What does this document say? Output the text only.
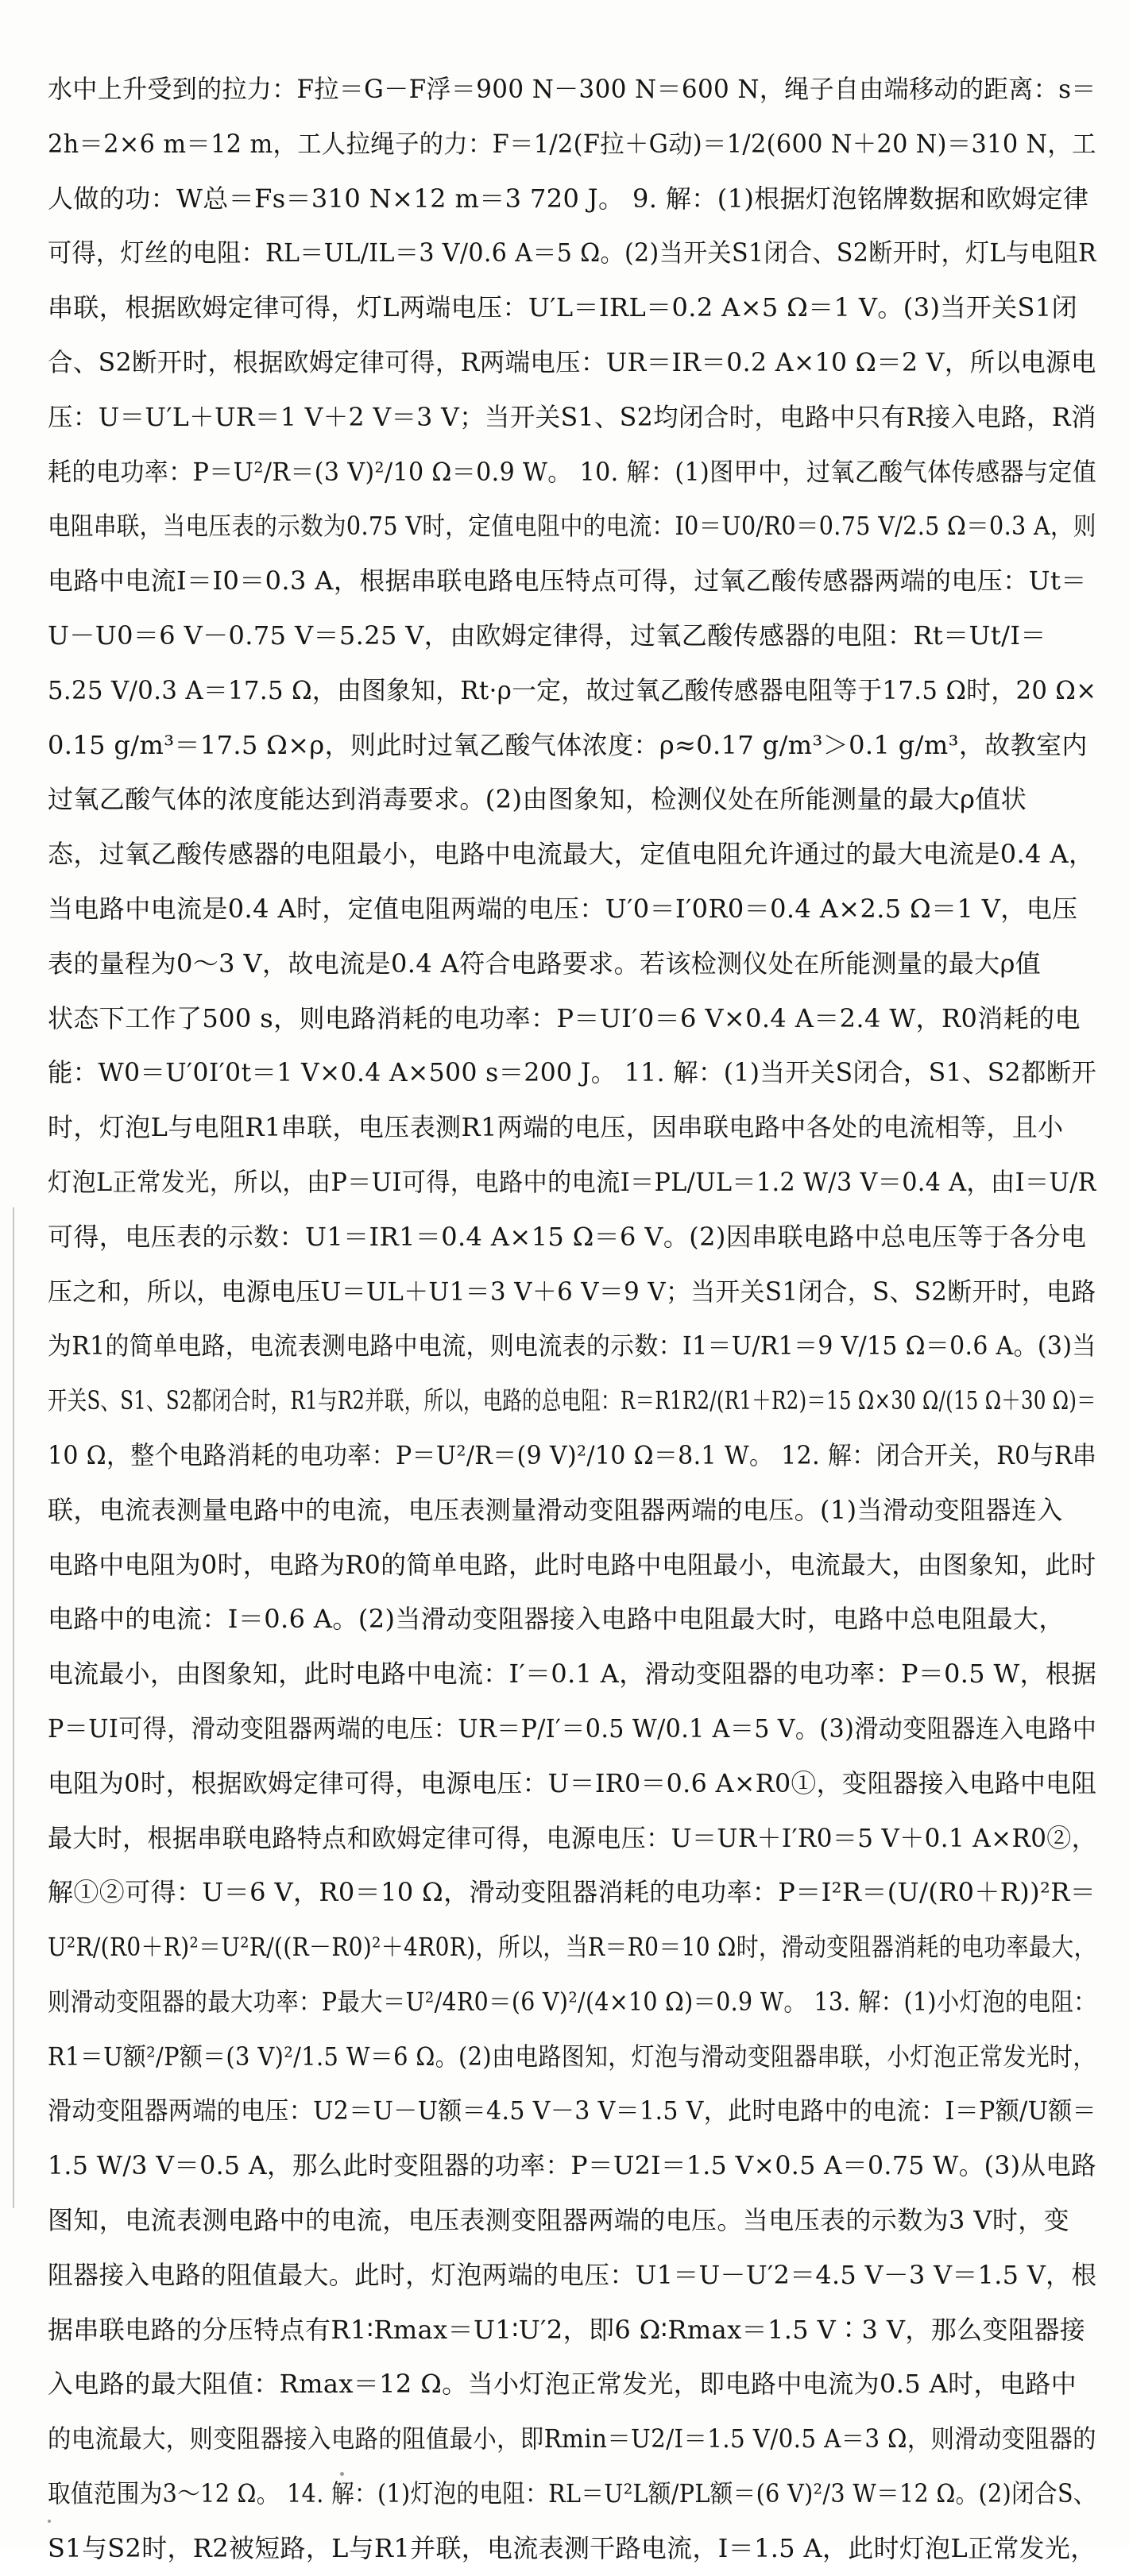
水中上升受到的拉力：F拉＝G－F浮＝900 N－300 N＝600 N，绳子自由端移动的距离：s＝
2h＝2×6 m＝12 m，工人拉绳子的力：F＝1/2(F拉＋G动)＝1/2(600 N＋20 N)＝310 N，工
人做的功：W总＝Fs＝310 N×12 m＝3 720 J。 9. 解：(1)根据灯泡铭牌数据和欧姆定律
可得，灯丝的电阻：RL＝UL/IL＝3 V/0.6 A＝5 Ω。(2)当开关S1闭合、S2断开时，灯L与电阻R
串联，根据欧姆定律可得，灯L两端电压：U′L＝IRL＝0.2 A×5 Ω＝1 V。(3)当开关S1闭
合、S2断开时，根据欧姆定律可得，R两端电压：UR＝IR＝0.2 A×10 Ω＝2 V，所以电源电
压：U＝U′L＋UR＝1 V＋2 V＝3 V；当开关S1、S2均闭合时，电路中只有R接入电路，R消
耗的电功率：P＝U²/R＝(3 V)²/10 Ω＝0.9 W。 10. 解：(1)图甲中，过氧乙酸气体传感器与定值
电阻串联，当电压表的示数为0.75 V时，定值电阻中的电流：I0＝U0/R0＝0.75 V/2.5 Ω＝0.3 A，则
电路中电流I＝I0＝0.3 A，根据串联电路电压特点可得，过氧乙酸传感器两端的电压：Ut＝
U－U0＝6 V－0.75 V＝5.25 V，由欧姆定律得，过氧乙酸传感器的电阻：Rt＝Ut/I＝
5.25 V/0.3 A＝17.5 Ω，由图象知，Rt·ρ一定，故过氧乙酸传感器电阻等于17.5 Ω时，20 Ω×
0.15 g/m³＝17.5 Ω×ρ，则此时过氧乙酸气体浓度：ρ≈0.17 g/m³＞0.1 g/m³，故教室内
过氧乙酸气体的浓度能达到消毒要求。(2)由图象知，检测仪处在所能测量的最大ρ值状
态，过氧乙酸传感器的电阻最小，电路中电流最大，定值电阻允许通过的最大电流是0.4 A，
当电路中电流是0.4 A时，定值电阻两端的电压：U′0＝I′0R0＝0.4 A×2.5 Ω＝1 V，电压
表的量程为0～3 V，故电流是0.4 A符合电路要求。若该检测仪处在所能测量的最大ρ值
状态下工作了500 s，则电路消耗的电功率：P＝UI′0＝6 V×0.4 A＝2.4 W，R0消耗的电
能：W0＝U′0I′0t＝1 V×0.4 A×500 s＝200 J。 11. 解：(1)当开关S闭合，S1、S2都断开
时，灯泡L与电阻R1串联，电压表测R1两端的电压，因串联电路中各处的电流相等，且小
灯泡L正常发光，所以，由P＝UI可得，电路中的电流I＝PL/UL＝1.2 W/3 V＝0.4 A，由I＝U/R
可得，电压表的示数：U1＝IR1＝0.4 A×15 Ω＝6 V。(2)因串联电路中总电压等于各分电
压之和，所以，电源电压U＝UL＋U1＝3 V＋6 V＝9 V；当开关S1闭合，S、S2断开时，电路
为R1的简单电路，电流表测电路中电流，则电流表的示数：I1＝U/R1＝9 V/15 Ω＝0.6 A。(3)当
开关S、S1、S2都闭合时，R1与R2并联，所以，电路的总电阻：R＝R1R2/(R1＋R2)＝15 Ω×30 Ω/(15 Ω＋30 Ω)＝
10 Ω，整个电路消耗的电功率：P＝U²/R＝(9 V)²/10 Ω＝8.1 W。 12. 解：闭合开关，R0与R串
联，电流表测量电路中的电流，电压表测量滑动变阻器两端的电压。(1)当滑动变阻器连入
电路中电阻为0时，电路为R0的简单电路，此时电路中电阻最小，电流最大，由图象知，此时
电路中的电流：I＝0.6 A。(2)当滑动变阻器接入电路中电阻最大时，电路中总电阻最大，
电流最小，由图象知，此时电路中电流：I′＝0.1 A，滑动变阻器的电功率：P＝0.5 W，根据
P＝UI可得，滑动变阻器两端的电压：UR＝P/I′＝0.5 W/0.1 A＝5 V。(3)滑动变阻器连入电路中
电阻为0时，根据欧姆定律可得，电源电压：U＝IR0＝0.6 A×R0①，变阻器接入电路中电阻
最大时，根据串联电路特点和欧姆定律可得，电源电压：U＝UR＋I′R0＝5 V＋0.1 A×R0②，
解①②可得：U＝6 V，R0＝10 Ω，滑动变阻器消耗的电功率：P＝I²R＝(U/(R0＋R))²R＝
U²R/(R0＋R)²＝U²R/((R－R0)²＋4R0R)，所以，当R＝R0＝10 Ω时，滑动变阻器消耗的电功率最大，
则滑动变阻器的最大功率：P最大＝U²/4R0＝(6 V)²/(4×10 Ω)＝0.9 W。 13. 解：(1)小灯泡的电阻：
R1＝U额²/P额＝(3 V)²/1.5 W＝6 Ω。(2)由电路图知，灯泡与滑动变阻器串联，小灯泡正常发光时，
滑动变阻器两端的电压：U2＝U－U额＝4.5 V－3 V＝1.5 V，此时电路中的电流：I＝P额/U额＝
1.5 W/3 V＝0.5 A，那么此时变阻器的功率：P＝U2I＝1.5 V×0.5 A＝0.75 W。(3)从电路
图知，电流表测电路中的电流，电压表测变阻器两端的电压。当电压表的示数为3 V时，变
阻器接入电路的阻值最大。此时，灯泡两端的电压：U1＝U－U′2＝4.5 V－3 V＝1.5 V，根
据串联电路的分压特点有R1∶Rmax＝U1∶U′2，即6 Ω∶Rmax＝1.5 V∶3 V，那么变阻器接
入电路的最大阻值：Rmax＝12 Ω。当小灯泡正常发光，即电路中电流为0.5 A时，电路中
的电流最大，则变阻器接入电路的阻值最小，即Rmin＝U2/I＝1.5 V/0.5 A＝3 Ω，则滑动变阻器的
取值范围为3～12 Ω。 14. 解：(1)灯泡的电阻：RL＝U²L额/PL额＝(6 V)²/3 W＝12 Ω。(2)闭合S、
S1与S2时，R2被短路，L与R1并联，电流表测干路电流，I＝1.5 A，此时灯泡L正常发光，
